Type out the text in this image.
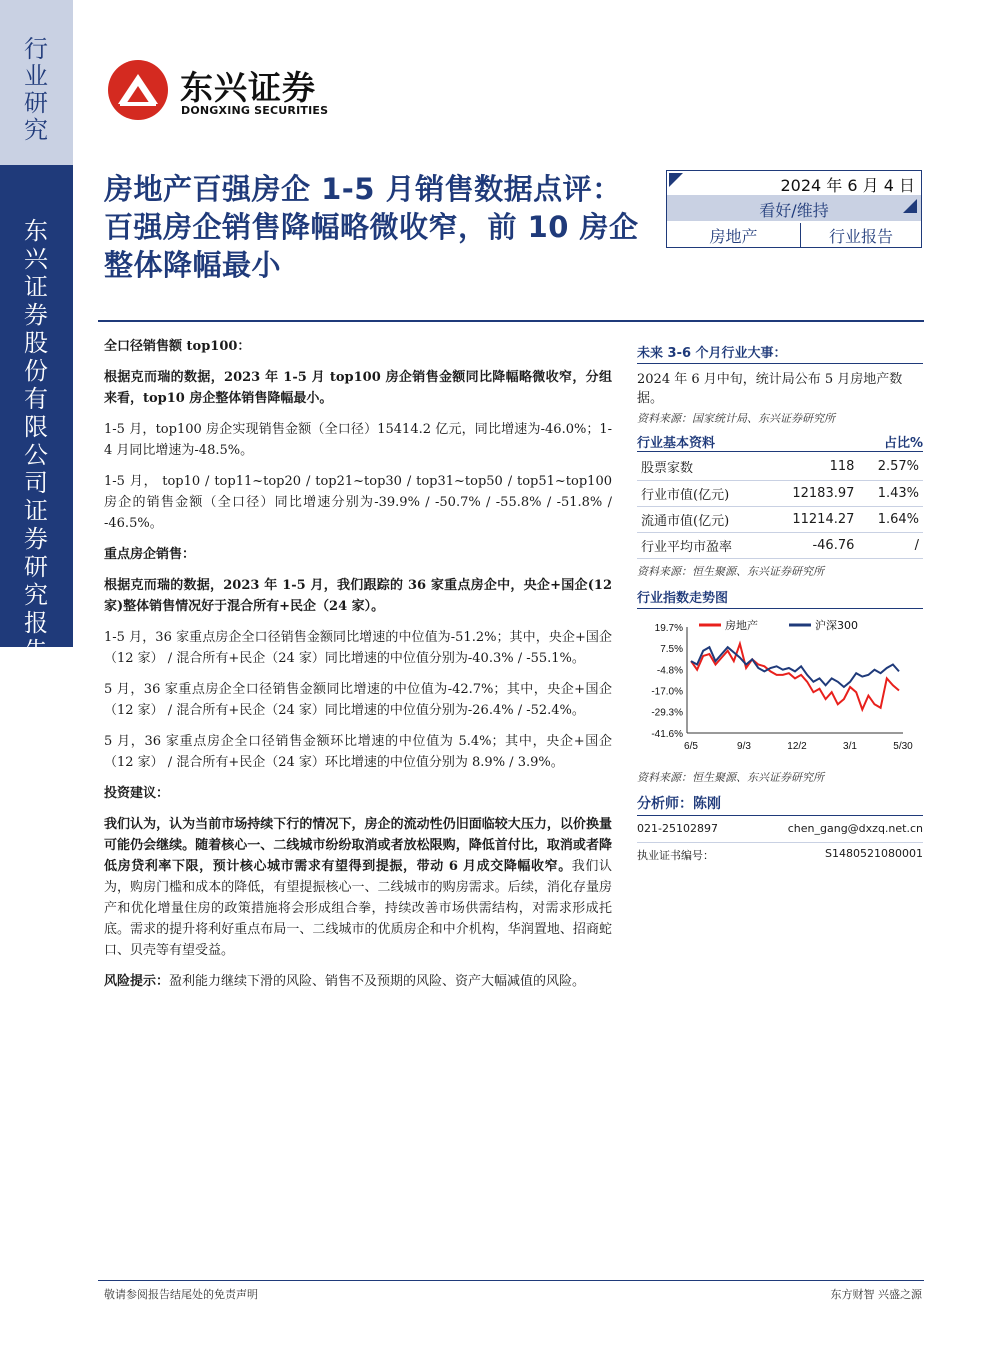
行业研究
东兴证券股份有限公司证券研究报告
东兴证券
DONGXING SECURITIES
房地产百强房企 1-5 月销售数据点评：百强房企销售降幅略微收窄，前 10 房企整体降幅最小
2024 年 6 月 4 日
看好/维持
房地产	行业报告
全口径销售额 top100：

根据克而瑞的数据，2023 年 1-5 月 top100 房企销售金额同比降幅略微收窄，分组来看，top10 房企整体销售降幅最小。

1-5 月，top100 房企实现销售金额（全口径）15414.2 亿元，同比增速为-46.0%；1-4 月同比增速为-48.5%。

1-5 月， top10 / top11~top20 / top21~top30 / top31~top50 / top51~top100 房企的销售金额（全口径）同比增速分别为-39.9% / -50.7% / -55.8% / -51.8% / -46.5%。

重点房企销售：

根据克而瑞的数据，2023 年 1-5 月，我们跟踪的 36 家重点房企中，央企+国企(12 家)整体销售情况好于混合所有+民企（24 家）。

1-5 月，36 家重点房企全口径销售金额同比增速的中位值为-51.2%；其中，央企+国企（12 家） / 混合所有+民企（24 家）同比增速的中位值分别为-40.3% / -55.1%。

5 月，36 家重点房企全口径销售金额同比增速的中位值为-42.7%；其中，央企+国企（12 家） / 混合所有+民企（24 家）同比增速的中位值分别为-26.4% / -52.4%。

5 月，36 家重点房企全口径销售金额环比增速的中位值为 5.4%；其中，央企+国企（12 家） / 混合所有+民企（24 家）环比增速的中位值分别为 8.9% / 3.9%。

投资建议：

我们认为，认为当前市场持续下行的情况下，房企的流动性仍旧面临较大压力，以价换量可能仍会继续。随着核心一、二线城市纷纷取消或者放松限购，降低首付比，取消或者降低房贷利率下限，预计核心城市需求有望得到提振，带动 6 月成交降幅收窄。我们认为，购房门槛和成本的降低，有望提振核心一、二线城市的购房需求。后续，消化存量房产和优化增量住房的政策措施将会形成组合拳，持续改善市场供需结构，对需求形成托底。需求的提升将利好重点布局一、二线城市的优质房企和中介机构，华润置地、招商蛇口、贝壳等有望受益。

风险提示：盈利能力继续下滑的风险、销售不及预期的风险、资产大幅减值的风险。

未来 3-6 个月行业大事：
2024 年 6 月中旬，统计局公布 5 月房地产数据。
资料来源：国家统计局、东兴证券研究所
行业基本资料	占比%
股票家数	118	2.57%
行业市值(亿元)	12183.97	1.43%
流通市值(亿元)	11214.27	1.64%
行业平均市盈率	-46.76	/
资料来源：恒生聚源、东兴证券研究所
行业指数走势图
19.7%
7.5%
-4.8%
-17.0%
-29.3%
-41.6%
6/5	9/3	12/2	3/1	5/30
房地产	沪深300
资料来源：恒生聚源、东兴证券研究所
分析师：陈刚
021-25102897	chen_gang@dxzq.net.cn
执业证书编号：	S1480521080001
敬请参阅报告结尾处的免责声明	东方财智 兴盛之源
